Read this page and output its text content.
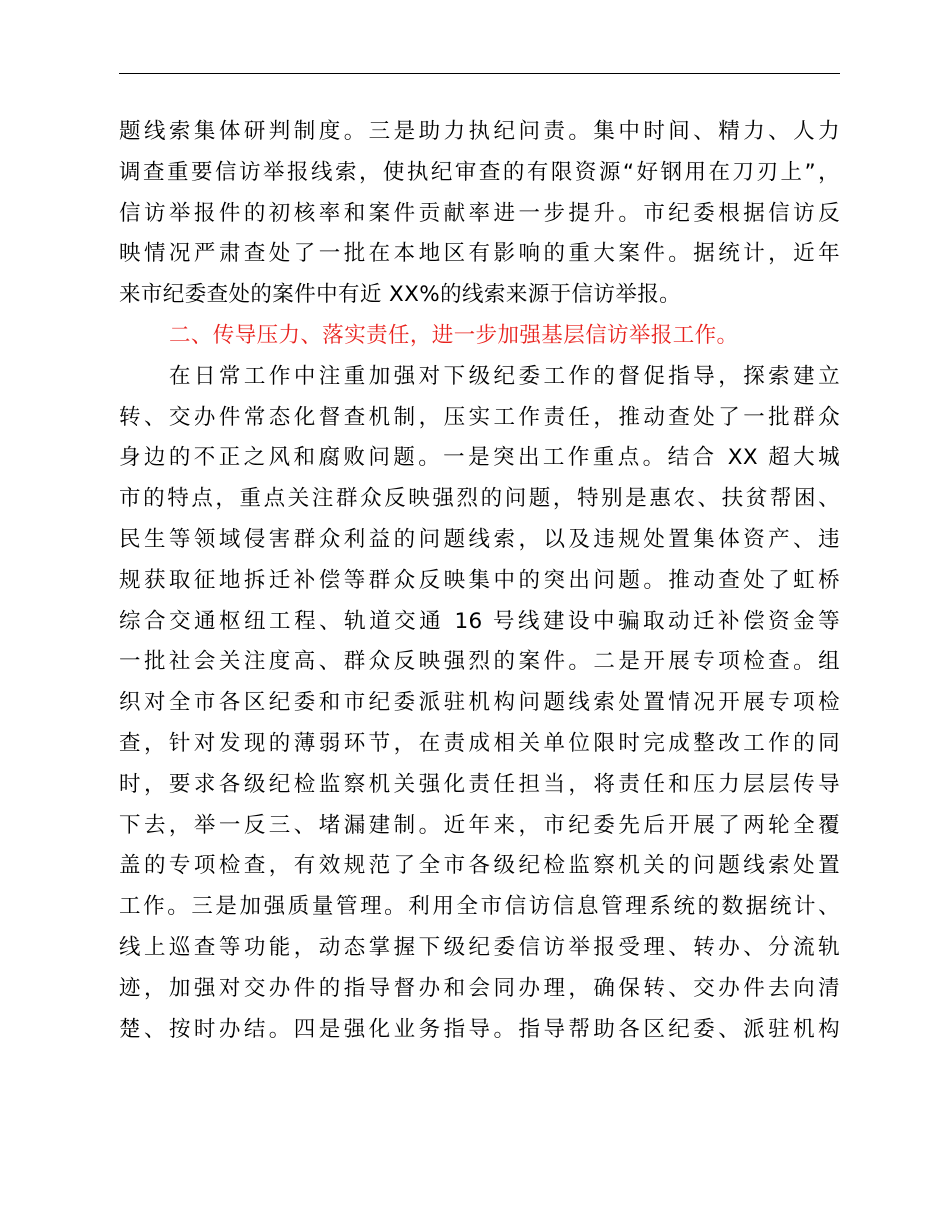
题线索集体研判制度。三是助力执纪问责。集中时间、精力、人力
调查重要信访举报线索，使执纪审查的有限资源“好钢用在刀刃上”，
信访举报件的初核率和案件贡献率进一步提升。市纪委根据信访反
映情况严肃查处了一批在本地区有影响的重大案件。据统计，近年
来市纪委查处的案件中有近 XX%的线索来源于信访举报。
二、传导压力、落实责任，进一步加强基层信访举报工作。
在日常工作中注重加强对下级纪委工作的督促指导，探索建立
转、交办件常态化督查机制，压实工作责任，推动查处了一批群众
身边的不正之风和腐败问题。一是突出工作重点。结合 XX 超大城
市的特点，重点关注群众反映强烈的问题，特别是惠农、扶贫帮困、
民生等领域侵害群众利益的问题线索，以及违规处置集体资产、违
规获取征地拆迁补偿等群众反映集中的突出问题。推动查处了虹桥
综合交通枢纽工程、轨道交通 16 号线建设中骗取动迁补偿资金等
一批社会关注度高、群众反映强烈的案件。二是开展专项检查。组
织对全市各区纪委和市纪委派驻机构问题线索处置情况开展专项检
查，针对发现的薄弱环节，在责成相关单位限时完成整改工作的同
时，要求各级纪检监察机关强化责任担当，将责任和压力层层传导
下去，举一反三、堵漏建制。近年来，市纪委先后开展了两轮全覆
盖的专项检查，有效规范了全市各级纪检监察机关的问题线索处置
工作。三是加强质量管理。利用全市信访信息管理系统的数据统计、
线上巡查等功能，动态掌握下级纪委信访举报受理、转办、分流轨
迹，加强对交办件的指导督办和会同办理，确保转、交办件去向清
楚、按时办结。四是强化业务指导。指导帮助各区纪委、派驻机构
